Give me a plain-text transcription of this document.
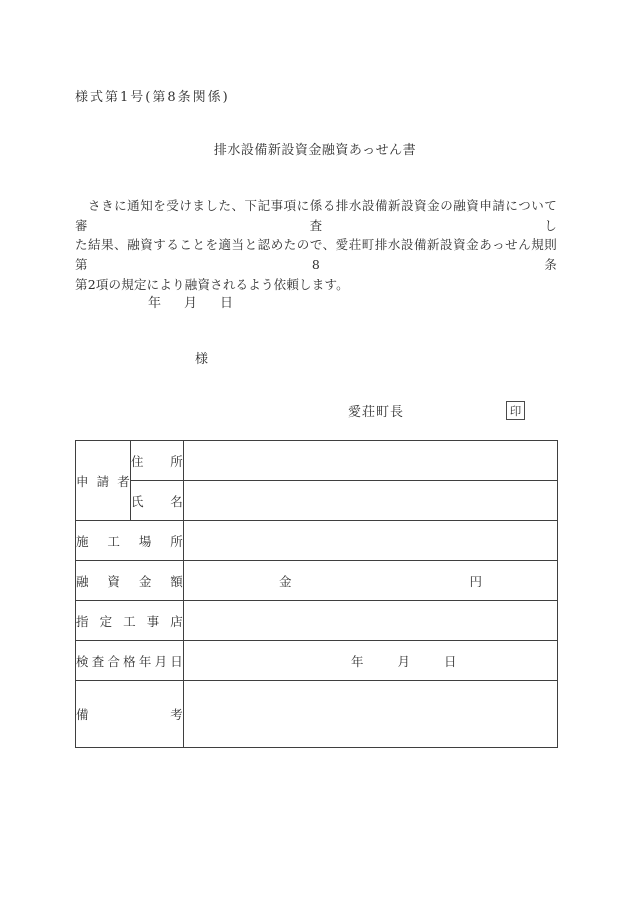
様式第1号(第8条関係)
排水設備新設資金融資あっせん書
　さきに通知を受けました、下記事項に係る排水設備新設資金の融資申請について審査し
た結果、融資することを適当と認めたので、愛荘町排水設備新設資金あっせん規則第8条
第2項の規定により融資されるよう依頼します。
年 月 日
様
愛荘町長	印
申請者	住所	
	氏名	
施工場所		
融資金額		金 円

指定工事店		
検査合格年月日		年 月 日

備考		
